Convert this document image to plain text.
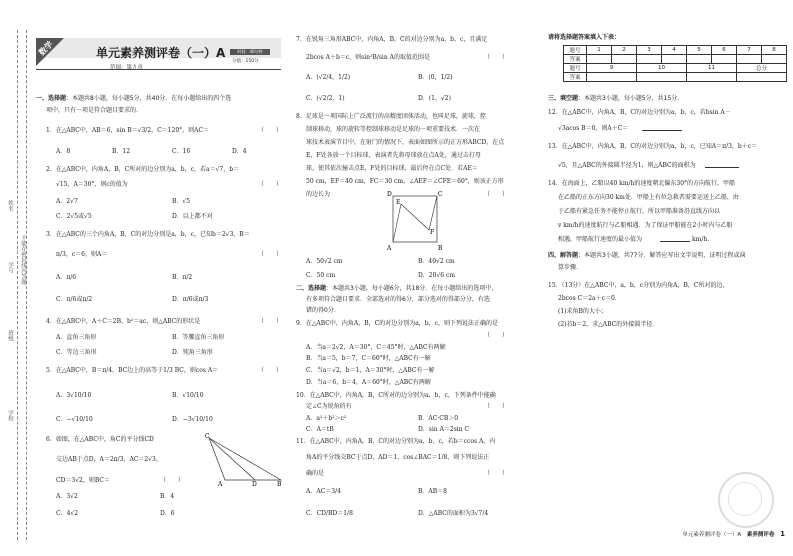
姓名
学号
班级
学校
不能在密封线内答题
数学	单元素养测评卷（一）A	时间：40分钟
分值：150分
范围：第九章
一、选择题：本题共8小题，每小题5分，共40分．在每小题给出的四个选
项中，只有一项是符合题目要求的．
1．在△ABC中，AB＝6，sin B＝√3/2，C＝120°，则AC＝	（　　）
A．8	B．12	C．16	D．4
2．在△ABC中，内角A，B，C所对的边分别为a，b，c，若a＝√7，b＝
√15，A＝30°，则c的值为	（　　）
A．2√7	B．√5
C．2√5或√5	D．以上都不对
3．在△ABC的三个内角A，B，C的对边分别是a，b，c，已知b＝2√3，B＝
π/3，c＝6，则A＝	（　　）
A．π/6	B．π/2
C．π/6或π/2	D．π/6或π/3
4．在△ABC中，A＋C＝2B，b²＝ac，则△ABC的形状是	（　　）
A．直角三角形	B．等腰直角三角形
C．等边三角形	D．钝角三角形
5．在△ABC中，B＝π/4，BC边上的高等于1/3 BC，则cos A＝	（　　）
A．3√10/10	B．√10/10
C．−√10/10	D．−3√10/10
6．如图，在△ABC中，角C的平分线CD
交边AB于点D，A＝2π/3，AC＝2√3，
CD＝3√2，则BC＝	（　　）
A．3√2	B．4
C．4√2	D．6
C
A	D	B
7．在锐角三角形ABC中，内角A，B，C的对边分别为a，b，c，且满足
2bcos A＋b＝c，则sin²B/sin A的取值范围是	（　　）
A．(√2/4，1/2)	B．(0，1/2)
C．(√2/2，1)	D．(1，√2)
8．足球是一项国际上广泛流行的高精度团体活动，也叫足球，旋球，控
制球移动，球的旋转等控制球移动是足球的一项重要技术．一次在
球技术表演节目中，在射门的情况下，表面如图所示的正方形ABCD，在点
E，F处各放一个目标球，表演者先将母球放在点A处，通过击打母
球，使其依次撞击点E，F处的目标球，最后停在点C处．若AE＝
50 cm，EF＝40 cm，FC＝30 cm，∠AEF＝∠CFE＝60°，则该正方形
的边长为	（　　）
D	C
A	B
E
F
A．50√2 cm	B．40√2 cm
C．50 cm	D．20√6 cm
二、选择题：本题共3小题，每小题6分，共18分．在每小题给出的选项中，
有多项符合题目要求．全部选对的得6分，部分选对的得部分分，有选
错的得0分．
9．在△ABC中，内角A，B，C的对边分别为a，b，c，则下列说法正确的是
（　　）
A．当a＝2√2，A＝30°，C＝45°时，△ABC有两解
B．当a＝5，b＝7，C＝60°时，△ABC有一解
C．当a＝√2，b＝1，A＝30°时，△ABC有一解
D．当a＝6，b＝4，A＝60°时，△ABC有两解
10．在△ABC中，内角A，B，C所对的边分别为a，b，c，下列条件中能确
定∠C为锐角的有	（　　）
A．a²＋b²＞c²	B．AC·CB＞0
C．A＝tB	D．sin A＝2sin C
11．在△ABC中，内角A，B，C的对边分别为a，b，c，若b＝ccos A，内
角A的平分线交BC于点D，AD＝1，cos∠BAC＝1/8，则下列说法正
确的是	（　　）
A．AC＝3/4	B．AB＝8
C．CD/BD＝1/8	D．△ABC的面积为3√7/4
请将选择题答案填入下表：
题号	1	2	3	4	5	6	7	8
答案								
题号	9		10		11		总分	
答案								
三、填空题：本题共3小题，每小题5分，共15分．
12．在△ABC中，内角A，B，C的对边分别为a，b，c，若bsin A－
√3acos B＝0，则A＋C＝
13．在△ABC中，内角A，B，C的对边分别为a，b，c，已知A＝π/3，b＋c＝
√5，且△ABC的外接圆半径为1，则△ABC的面积为
14．在海面上，乙船以40 km/h的速度朝北偏东30°的方向航行，甲船
在乙船的正东方向30 km处．甲船上有位急救者需要运送上乙船，由
于乙船有紧急任务不能停止航行，所以甲船准备沿直线方向以
v km/h的速度航行与乙船相遇．为了保证甲船能在2小时内与乙船
相遇，甲船航行速度的最小值为	km/h.
四、解答题：本题共3小题，共77分．解答应写出文字说明、证明过程或演
算步骤．
15．（13分）在△ABC中，a，b，c分别为内角A，B，C所对的边，
2bcos C＝2a＋c＝0．
(1)求角B的大小；
(2)若b＝2，求△ABC的外接圆半径．
单元素养测评卷（一）A 素养测评卷 1
